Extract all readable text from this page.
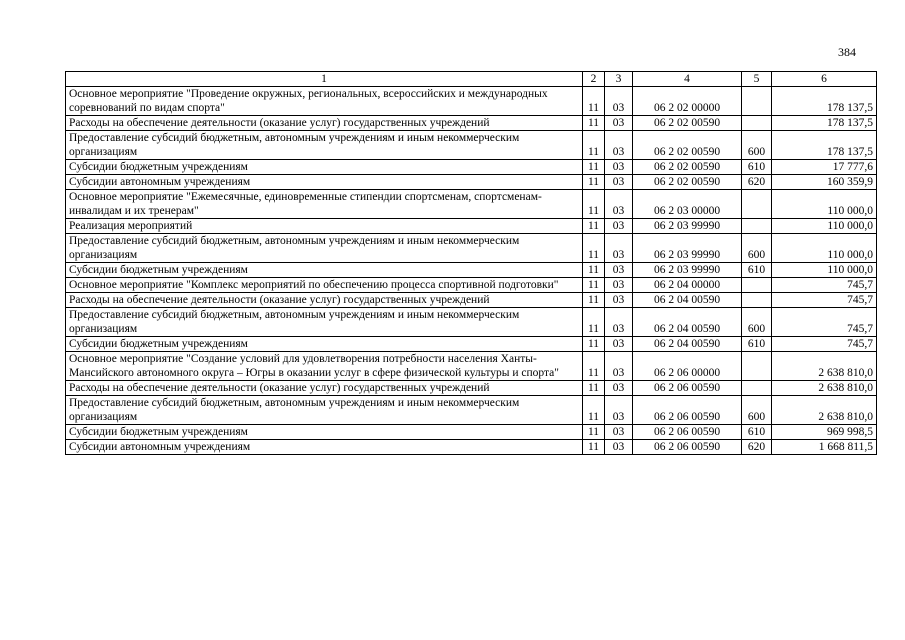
384
1	2	3	4	5	6
Основное мероприятие "Проведение окружных, региональных, всероссийских и международных соревнований по видам спорта"	11	03	06 2 02 00000		178 137,5
Расходы на обеспечение деятельности (оказание услуг) государственных учреждений	11	03	06 2 02 00590		178 137,5
Предоставление субсидий бюджетным, автономным учреждениям и иным некоммерческим организациям	11	03	06 2 02 00590	600	178 137,5
Субсидии бюджетным учреждениям	11	03	06 2 02 00590	610	17 777,6
Субсидии автономным учреждениям	11	03	06 2 02 00590	620	160 359,9
Основное мероприятие "Ежемесячные, единовременные стипендии спортсменам, спортсменам-инвалидам и их тренерам"	11	03	06 2 03 00000		110 000,0
Реализация мероприятий	11	03	06 2 03 99990		110 000,0
Предоставление субсидий бюджетным, автономным учреждениям и иным некоммерческим организациям	11	03	06 2 03 99990	600	110 000,0
Субсидии бюджетным учреждениям	11	03	06 2 03 99990	610	110 000,0
Основное мероприятие "Комплекс мероприятий по обеспечению процесса спортивной подготовки"	11	03	06 2 04 00000		745,7
Расходы на обеспечение деятельности (оказание услуг) государственных учреждений	11	03	06 2 04 00590		745,7
Предоставление субсидий бюджетным, автономным учреждениям и иным некоммерческим организациям	11	03	06 2 04 00590	600	745,7
Субсидии бюджетным учреждениям	11	03	06 2 04 00590	610	745,7
Основное мероприятие "Создание условий для удовлетворения потребности населения Ханты-Мансийского автономного округа – Югры в оказании услуг в сфере физической культуры и спорта"	11	03	06 2 06 00000		2 638 810,0
Расходы на обеспечение деятельности (оказание услуг) государственных учреждений	11	03	06 2 06 00590		2 638 810,0
Предоставление субсидий бюджетным, автономным учреждениям и иным некоммерческим организациям	11	03	06 2 06 00590	600	2 638 810,0
Субсидии бюджетным учреждениям	11	03	06 2 06 00590	610	969 998,5
Субсидии автономным учреждениям	11	03	06 2 06 00590	620	1 668 811,5
